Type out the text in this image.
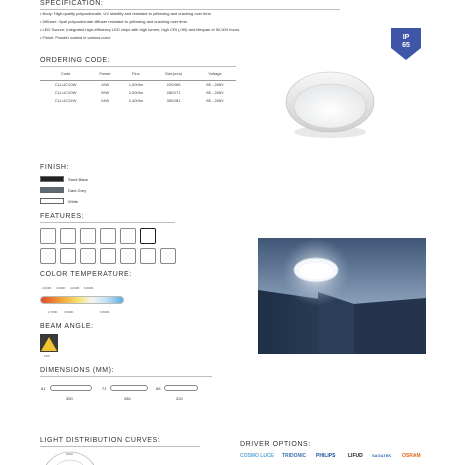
SPECIFICATION:
• Body: High-quality polycarbonate, UV stability and resistant to yellowing and cracking over time.
• Diffuser: Opal polycarbonate diffuser resistant to yellowing and cracking over time.
• LED Source: Integrated high-efficiency LED chips with high lumen, high CRI (>90) and lifespan of 50,000 hours.
• Finish: Powder coated in various color.	IP
65
ORDERING CODE:
Code	Power	Flux	Size(mm)	Voltage
CLLUC10W	10W	1,000lm	220X65	85 - 265V
CLLUC20W	20W	2,000lm	280X71	85 - 265V
CLLUC24W	24W	2,400lm	350X81	85 - 265V
FINISH:
Sand Black
Dark Grey
White
FEATURES:
COLOR TEMPERATURE:
2,000K 3,000K 4,000K 5,000K
2,700K 3,500K	6,500K
BEAM ANGLE:
120°
DIMENSIONS (MM):
81
350
71
280
65
220
LIGHT DISTRIBUTION CURVES:
1000
DRIVER OPTIONS:
COSMO LUCE TRIDONIC PHILIPS	LIFUD SAGATEK OSRAM
